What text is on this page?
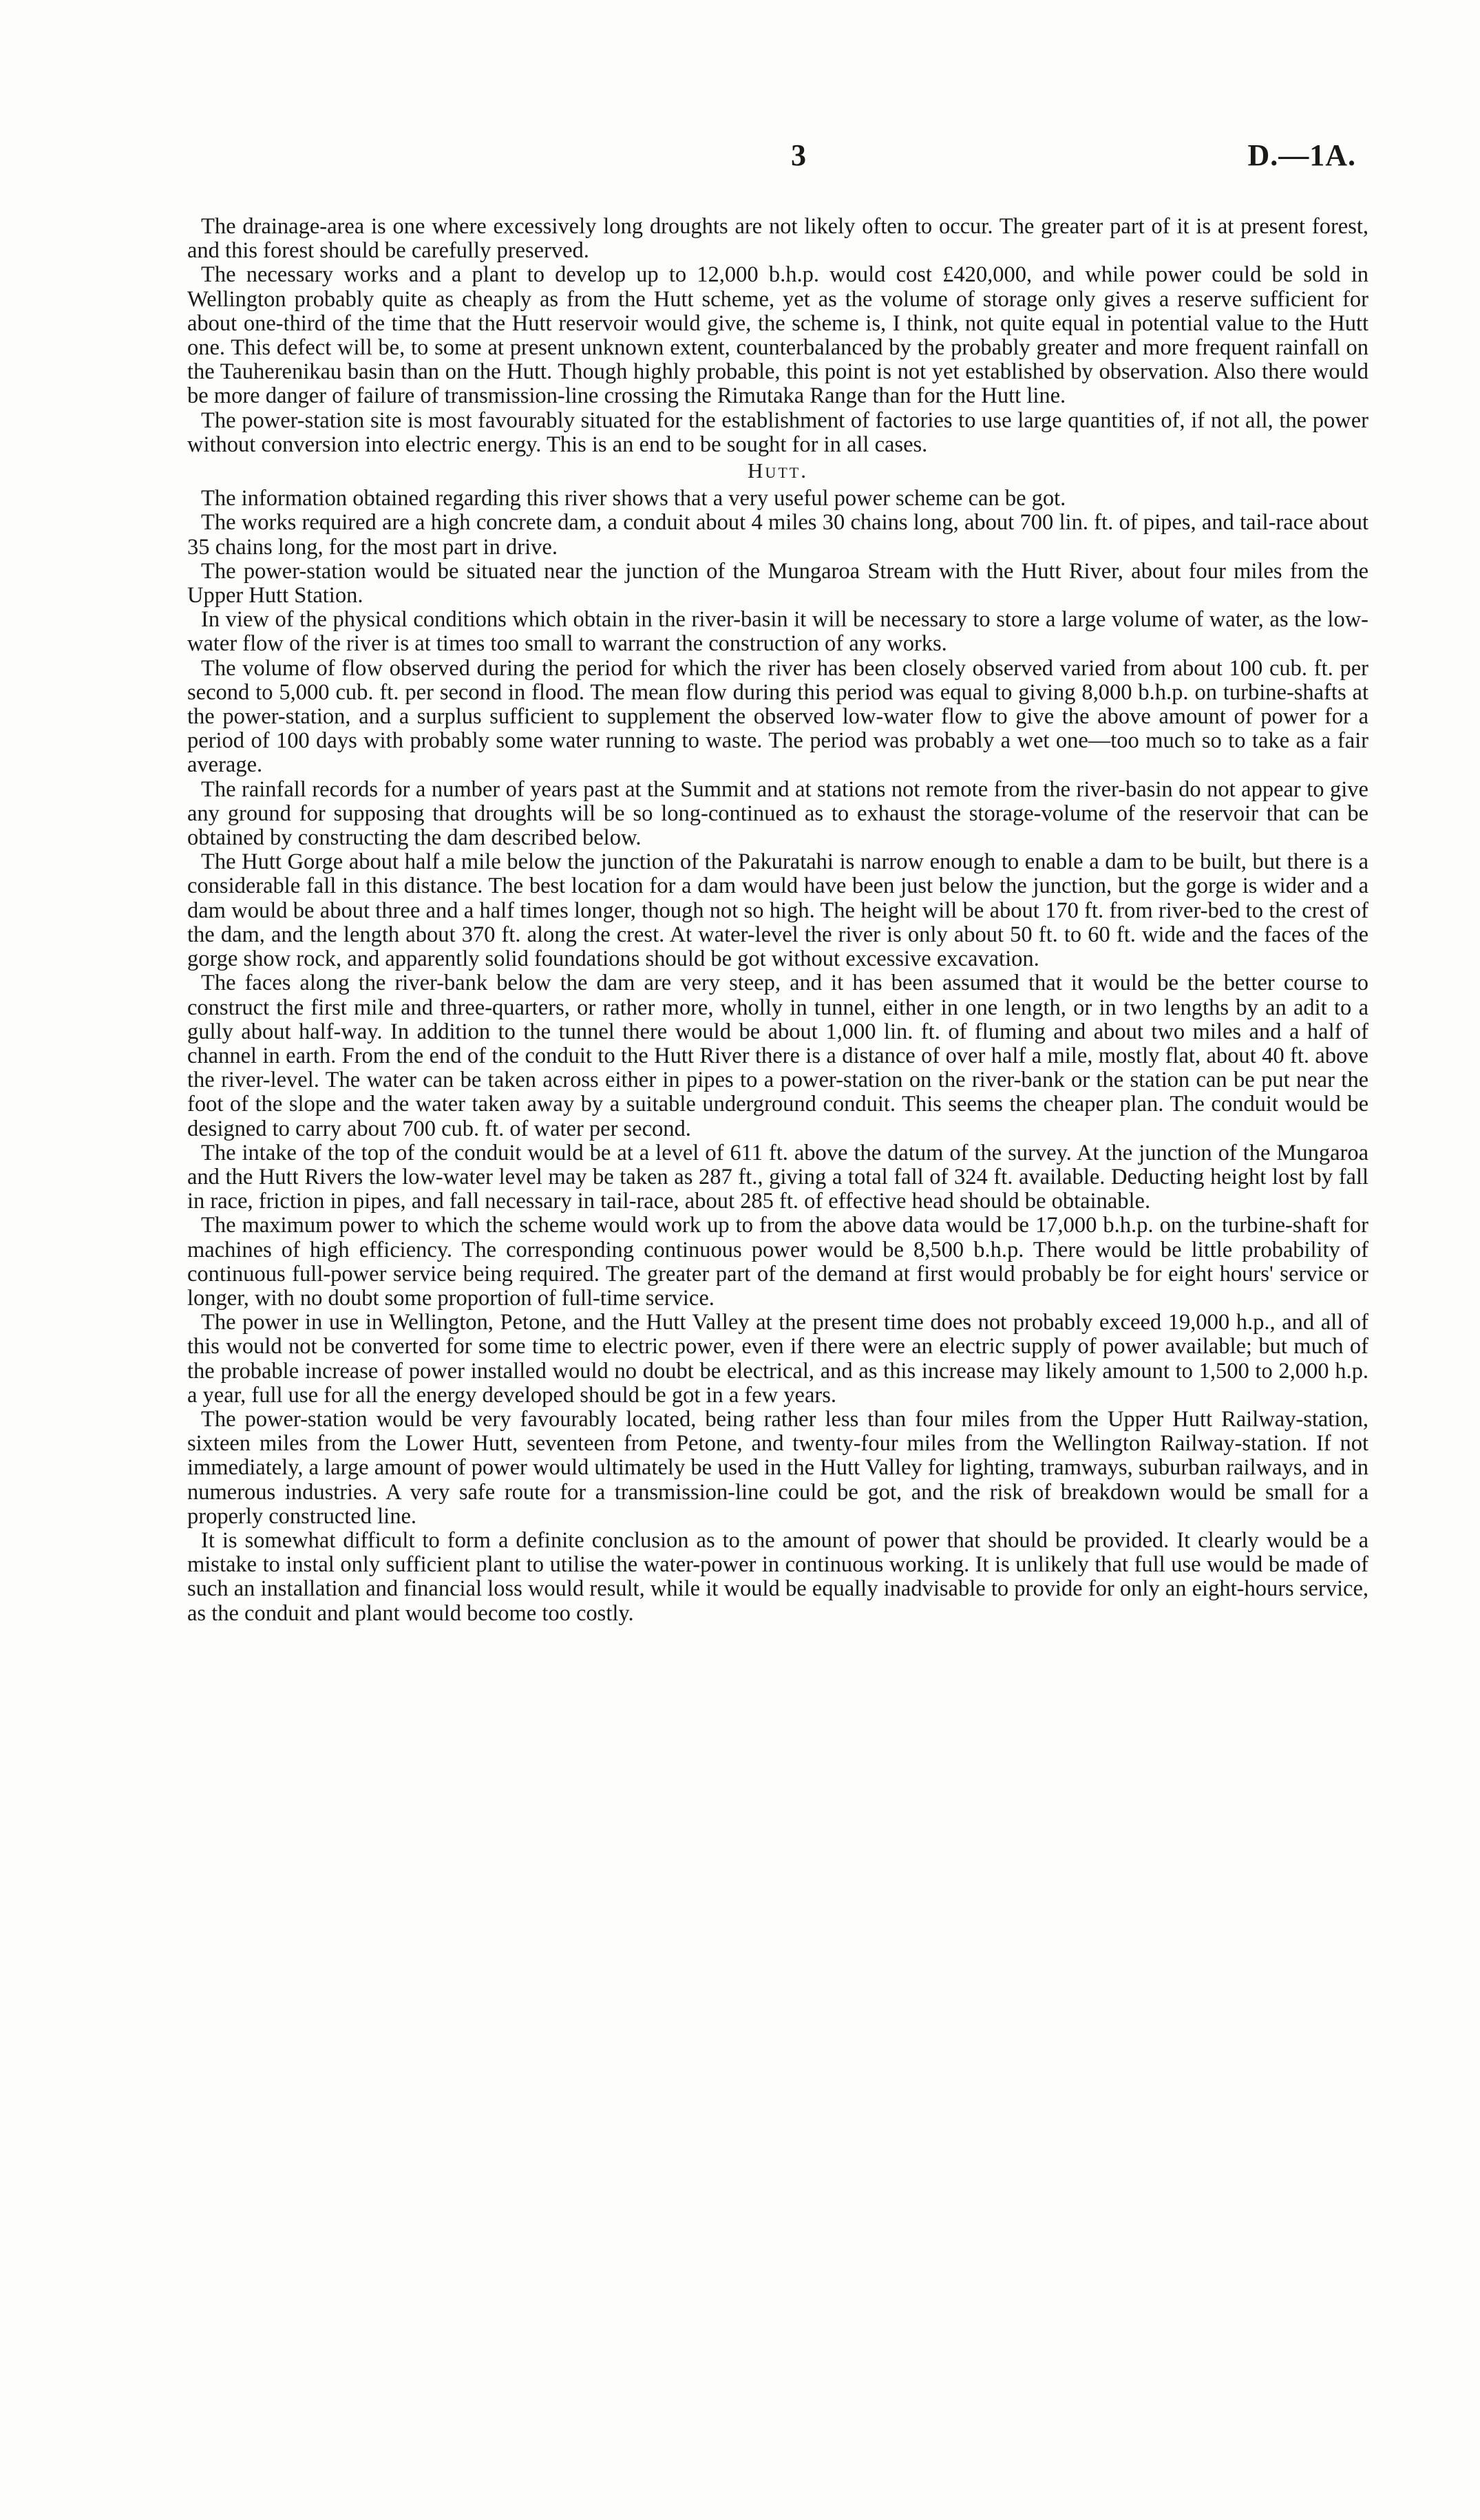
3	D.—1A.

The drainage-area is one where excessively long droughts are not likely often to occur. The greater part of it is at present forest, and this forest should be carefully preserved.

The necessary works and a plant to develop up to 12,000 b.h.p. would cost £420,000, and while power could be sold in Wellington probably quite as cheaply as from the Hutt scheme, yet as the volume of storage only gives a reserve sufficient for about one-third of the time that the Hutt reservoir would give, the scheme is, I think, not quite equal in potential value to the Hutt one. This defect will be, to some at present unknown extent, counterbalanced by the probably greater and more frequent rainfall on the Tauherenikau basin than on the Hutt. Though highly probable, this point is not yet established by observation. Also there would be more danger of failure of transmission-line crossing the Rimutaka Range than for the Hutt line.

The power-station site is most favourably situated for the establishment of factories to use large quantities of, if not all, the power without conversion into electric energy. This is an end to be sought for in all cases.

Hutt.

The information obtained regarding this river shows that a very useful power scheme can be got.

The works required are a high concrete dam, a conduit about 4 miles 30 chains long, about 700 lin. ft. of pipes, and tail-race about 35 chains long, for the most part in drive.

The power-station would be situated near the junction of the Mungaroa Stream with the Hutt River, about four miles from the Upper Hutt Station.

In view of the physical conditions which obtain in the river-basin it will be necessary to store a large volume of water, as the low-water flow of the river is at times too small to warrant the construction of any works.

The volume of flow observed during the period for which the river has been closely observed varied from about 100 cub. ft. per second to 5,000 cub. ft. per second in flood. The mean flow during this period was equal to giving 8,000 b.h.p. on turbine-shafts at the power-station, and a surplus sufficient to supplement the observed low-water flow to give the above amount of power for a period of 100 days with probably some water running to waste. The period was probably a wet one—too much so to take as a fair average.

The rainfall records for a number of years past at the Summit and at stations not remote from the river-basin do not appear to give any ground for supposing that droughts will be so long-continued as to exhaust the storage-volume of the reservoir that can be obtained by constructing the dam described below.

The Hutt Gorge about half a mile below the junction of the Pakuratahi is narrow enough to enable a dam to be built, but there is a considerable fall in this distance. The best location for a dam would have been just below the junction, but the gorge is wider and a dam would be about three and a half times longer, though not so high. The height will be about 170 ft. from river-bed to the crest of the dam, and the length about 370 ft. along the crest. At water-level the river is only about 50 ft. to 60 ft. wide and the faces of the gorge show rock, and apparently solid foundations should be got without excessive excavation.

The faces along the river-bank below the dam are very steep, and it has been assumed that it would be the better course to construct the first mile and three-quarters, or rather more, wholly in tunnel, either in one length, or in two lengths by an adit to a gully about half-way. In addition to the tunnel there would be about 1,000 lin. ft. of fluming and about two miles and a half of channel in earth. From the end of the conduit to the Hutt River there is a distance of over half a mile, mostly flat, about 40 ft. above the river-level. The water can be taken across either in pipes to a power-station on the river-bank or the station can be put near the foot of the slope and the water taken away by a suitable underground conduit. This seems the cheaper plan. The conduit would be designed to carry about 700 cub. ft. of water per second.

The intake of the top of the conduit would be at a level of 611 ft. above the datum of the survey. At the junction of the Mungaroa and the Hutt Rivers the low-water level may be taken as 287 ft., giving a total fall of 324 ft. available. Deducting height lost by fall in race, friction in pipes, and fall necessary in tail-race, about 285 ft. of effective head should be obtainable.

The maximum power to which the scheme would work up to from the above data would be 17,000 b.h.p. on the turbine-shaft for machines of high efficiency. The corresponding continuous power would be 8,500 b.h.p. There would be little probability of continuous full-power service being required. The greater part of the demand at first would probably be for eight hours' service or longer, with no doubt some proportion of full-time service.

The power in use in Wellington, Petone, and the Hutt Valley at the present time does not probably exceed 19,000 h.p., and all of this would not be converted for some time to electric power, even if there were an electric supply of power available; but much of the probable increase of power installed would no doubt be electrical, and as this increase may likely amount to 1,500 to 2,000 h.p. a year, full use for all the energy developed should be got in a few years.

The power-station would be very favourably located, being rather less than four miles from the Upper Hutt Railway-station, sixteen miles from the Lower Hutt, seventeen from Petone, and twenty-four miles from the Wellington Railway-station. If not immediately, a large amount of power would ultimately be used in the Hutt Valley for lighting, tramways, suburban railways, and in numerous industries. A very safe route for a transmission-line could be got, and the risk of breakdown would be small for a properly constructed line.

It is somewhat difficult to form a definite conclusion as to the amount of power that should be provided. It clearly would be a mistake to instal only sufficient plant to utilise the water-power in continuous working. It is unlikely that full use would be made of such an installation and financial loss would result, while it would be equally inadvisable to provide for only an eight-hours service, as the conduit and plant would become too costly.
